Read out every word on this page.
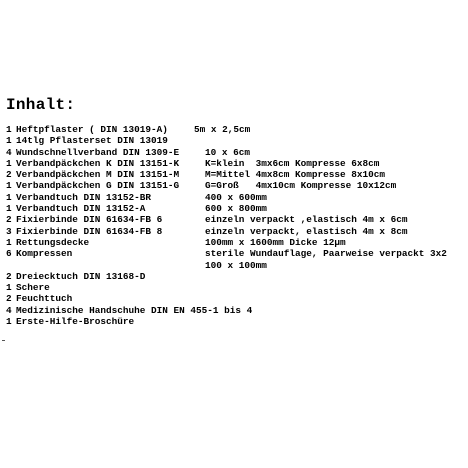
Inhalt:
1 Heftpflaster ( DIN 13019-A)	5m x 2,5cm
1 14tlg Pflasterset DIN 13019
4 Wundschnellverband DIN 1309-E	10 x 6cm
1 Verbandpäckchen K DIN 13151-K	K=klein  3mx6cm Kompresse 6x8cm
2 Verbandpäckchen M DIN 13151-M	M=Mittel 4mx8cm Kompresse 8x10cm
1 Verbandpäckchen G DIN 13151-G	G=Groß   4mx10cm Kompresse 10x12cm
1 Verbandtuch DIN 13152-BR	400 x 600mm
1 Verbandtuch DIN 13152-A	600 x 800mm
2 Fixierbinde DIN 61634-FB 6	einzeln verpackt ,elastisch 4m x 6cm
3 Fixierbinde DIN 61634-FB 8	einzeln verpackt, elastisch 4m x 8cm
1 Rettungsdecke	100mm x 1600mm Dicke 12µm
6 Kompressen	sterile Wundauflage, Paarweise verpackt 3x2
100 x 100mm
2 Dreiecktuch DIN 13168-D
1 Schere
2 Feuchttuch
4 Medizinische Handschuhe DIN EN 455-1 bis 4
1 Erste-Hilfe-Broschüre
